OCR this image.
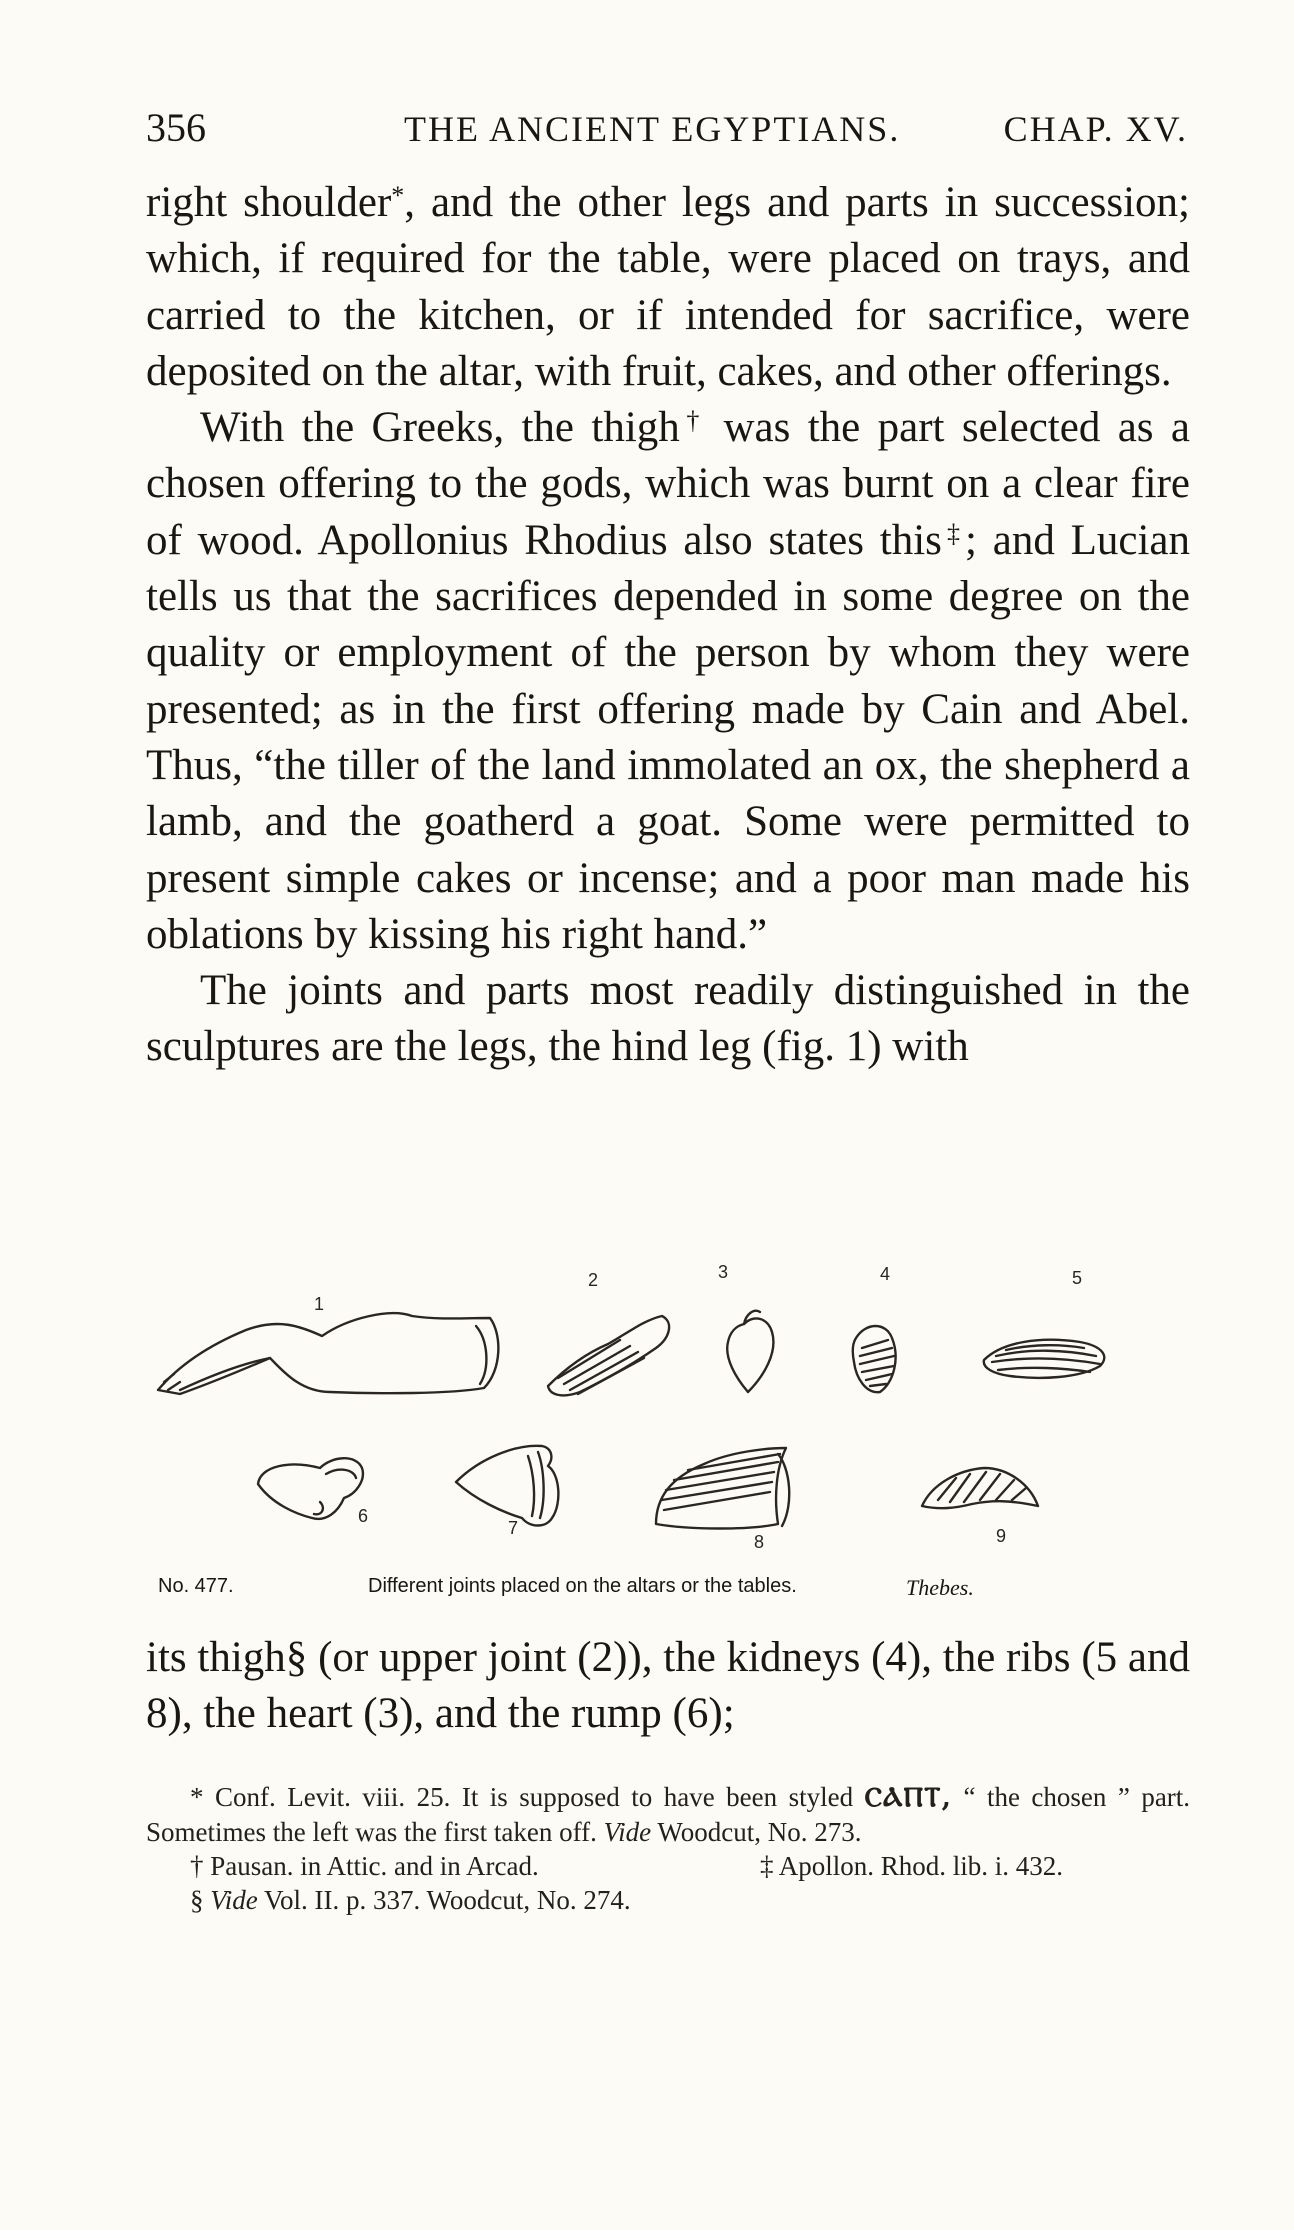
356	THE ANCIENT EGYPTIANS.	CHAP. XV.

right shoulder*, and the other legs and parts in succession; which, if required for the table, were placed on trays, and carried to the kitchen, or if intended for sacrifice, were deposited on the altar, with fruit, cakes, and other offerings.

With the Greeks, the thigh† was the part selected as a chosen offering to the gods, which was burnt on a clear fire of wood. Apollonius Rhodius also states this‡; and Lucian tells us that the sacrifices depended in some degree on the quality or employment of the person by whom they were presented; as in the first offering made by Cain and Abel. Thus, “the tiller of the land immolated an ox, the shepherd a lamb, and the goatherd a goat. Some were permitted to present simple cakes or incense; and a poor man made his oblations by kissing his right hand.”

The joints and parts most readily distinguished in the sculptures are the legs, the hind leg (fig. 1) with

1
2	3	4	5
6
7
8	9
No. 477.	Different joints placed on the altars or the tables.	Thebes.

its thigh§ (or upper joint (2)), the kidneys (4), the ribs (5 and 8), the heart (3), and the rump (6);

* Conf. Levit. viii. 25. It is supposed to have been styled ⲤⲀⲠⲦ, “ the chosen ” part. Sometimes the left was the first taken off. Vide Woodcut, No. 273.

† Pausan. in Attic. and in Arcad.	‡ Apollon. Rhod. lib. i. 432.
§ Vide Vol. II. p. 337. Woodcut, No. 274.
